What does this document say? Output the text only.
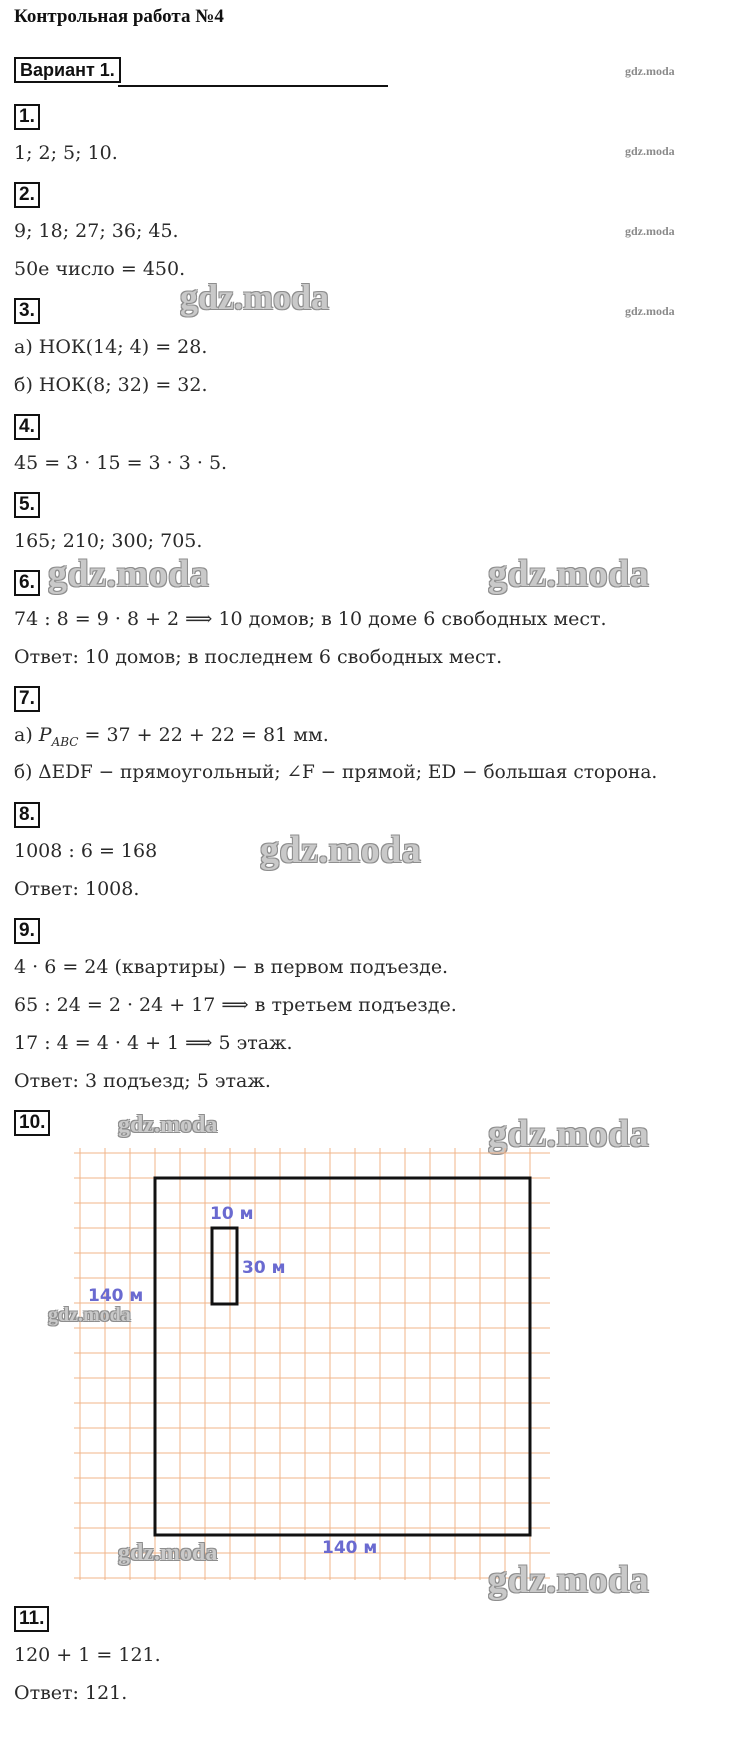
Контрольная работа №4
Вариант 1.	gdz.moda
gdz.moda
gdz.moda
gdz.moda
1.
1; 2; 5; 10.
2.
9; 18; 27; 36; 45.
50е число = 450.
gdz.moda
3.
а) НОК(14; 4) = 28.
б) НОК(8; 32) = 32.
4.
45 = 3 · 15 = 3 · 3 · 5.
5.
165; 210; 300; 705.
6. gdz.moda	gdz.moda
74 : 8 = 9 · 8 + 2 ⟹ 10 домов; в 10 доме 6 свободных мест.
Ответ: 10 домов; в последнем 6 свободных мест.
7.
а) $P_{ABC} = 37 + 22 + 22 = 81$ мм.
б) ΔEDF − прямоугольный; ∠F − прямой; ED − большая сторона.
8.
1008 : 6 = 168	gdz.moda
Ответ: 1008.
9.
4 · 6 = 24 (квартиры) − в первом подъезде.
65 : 24 = 2 · 24 + 17 ⟹ в третьем подъезде.
17 : 4 = 4 · 4 + 1 ⟹ 5 этаж.
Ответ: 3 подъезд; 5 этаж.
10.	gdz.moda	gdz.moda
10 м
30 м
140 м
gdz.moda
140 м
gdz.moda
gdz.moda
11.
120 + 1 = 121.
Ответ: 121.
